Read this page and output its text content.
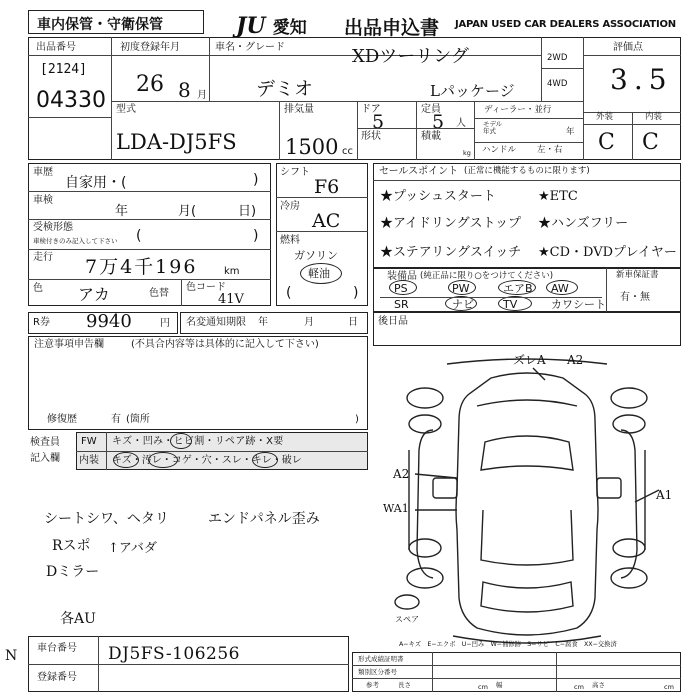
車内保管・守衛保管	JU 愛知 出品申込書 JAPAN USED CAR DEALERS ASSOCIATION
出品番号
[2124]
04330
初度登録年月
26 8 月
車名・グレード	XDツーリング
デミオ	Lパッケージ
2WD
4WD
評価点
3.5
外装	内装
C C
型式
LDA-DJ5FS
排気量
1500 cc
ドア
5
定員
5 人
形状	積載
kg
ディーラー・並行
モデル年式	年
ハンドル 左・右
車歴
自家用・(	)
車検
年	月(	日)
受検形態
車検付きのみ記入して下さい (	)
走行 7万4千196	km
色 アカ	色替
色コード
41V
シフト
F6
冷房
AC
燃料
ガソリン
軽油
(	)
セールスポイント (正常に機能するものに限ります)
★プッシュスタート	★ETC
★アイドリングストップ ★ハンズフリー
★ステアリングスイッチ ★CD・DVDプレイヤー
装備品 (純正品に限り○をつけてください)
PS	PW	エアB AW
SR	ナビ	TV	カワシート
新車保証書
有・無
R券 9940	円 名変通知期限 年	月	日 後日品
注意事項申告欄	(不具合内容等は具体的に記入して下さい)
修復歴	有 (箇所	)
検査員
記入欄
FW キズ・凹み・ヒビ割・リペア跡・X要
内装 キズ・汚レ・コゲ・穴・スレ・キレ・破レ
シートシワ、ヘタリ	エンドパネル歪み
Rスポ ↑アバダ
Dミラー
各AU
ズレA A2
A2
WA1
A1
スペア
A−キズ　E−エクボ　U−凹み　W−補修跡　S−サビ　C−腐食　XX−交換済
N 車台番号 DJ5FS-106256
登録番号
形式成績証明書
類別区分番号
参考	長さ	cm 幅	cm 高さ	cm
